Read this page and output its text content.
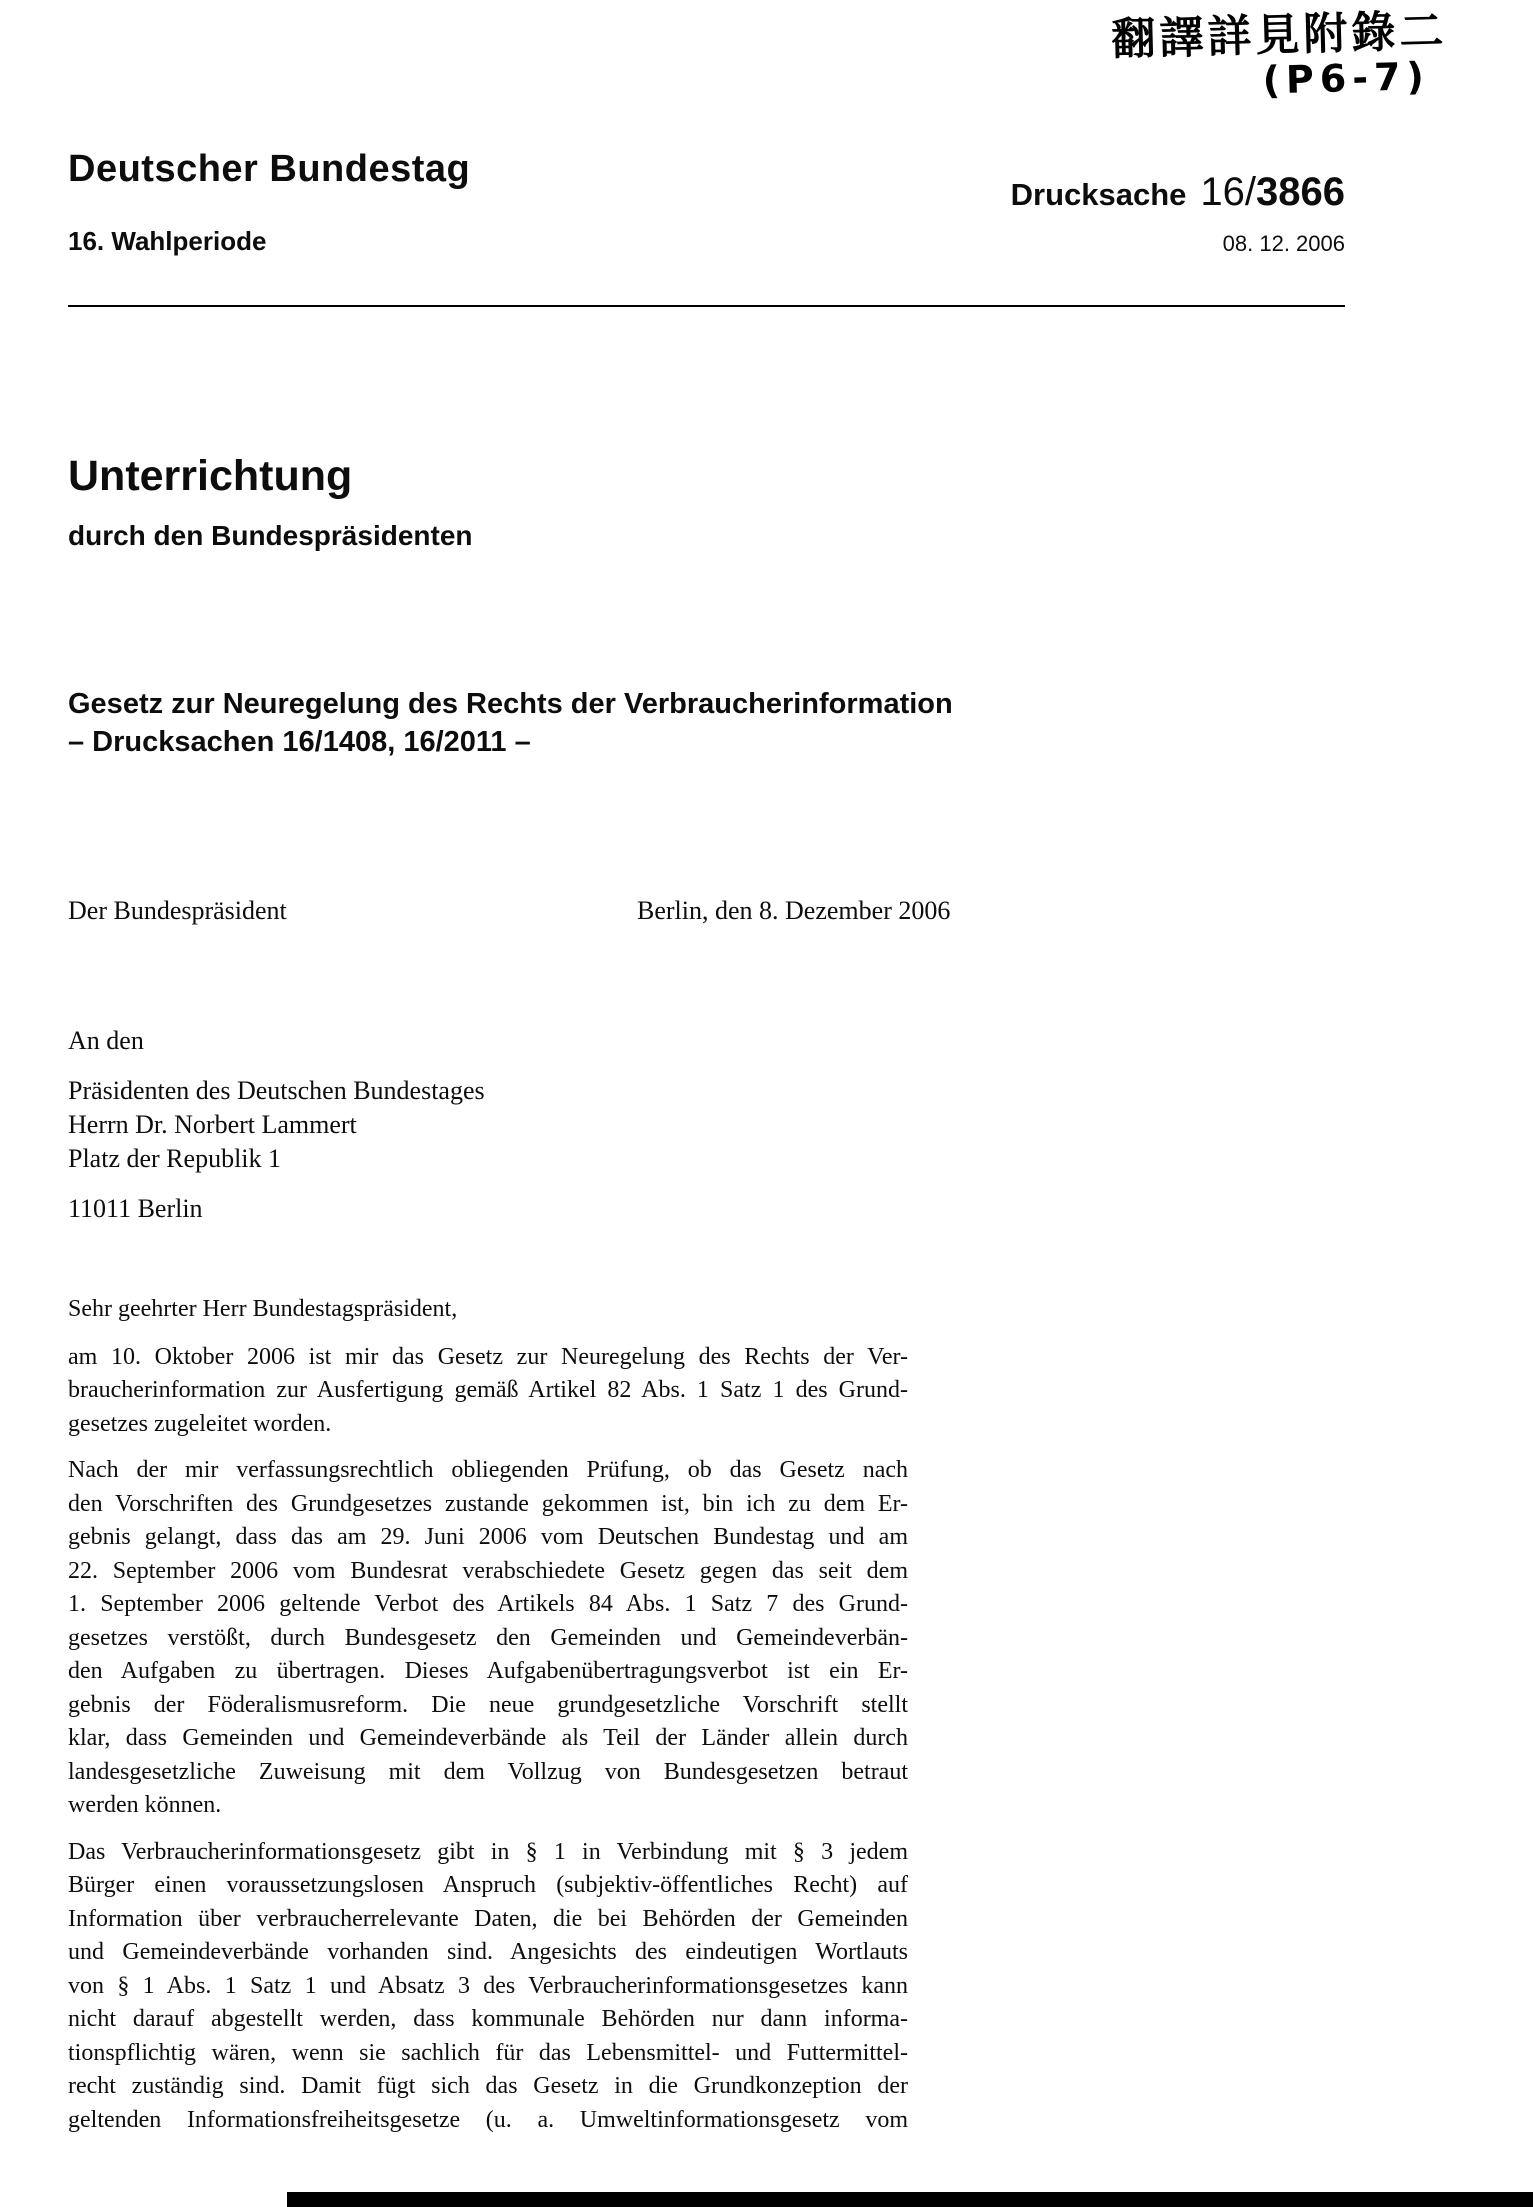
翻譯詳見附錄二
(P6-7)
Deutscher Bundestag
16. Wahlperiode
Drucksache 16/3866
08. 12. 2006
Unterrichtung
durch den Bundespräsidenten
Gesetz zur Neuregelung des Rechts der Verbraucherinformation
– Drucksachen 16/1408, 16/2011 –
Der Bundespräsident	Berlin, den 8. Dezember 2006
An den
Präsidenten des Deutschen Bundestages
Herrn Dr. Norbert Lammert
Platz der Republik 1
11011 Berlin
Sehr geehrter Herr Bundestagspräsident,
am 10. Oktober 2006 ist mir das Gesetz zur Neuregelung des Rechts der Ver-
braucherinformation zur Ausfertigung gemäß Artikel 82 Abs. 1 Satz 1 des Grund-
gesetzes zugeleitet worden.
Nach der mir verfassungsrechtlich obliegenden Prüfung, ob das Gesetz nach
den Vorschriften des Grundgesetzes zustande gekommen ist, bin ich zu dem Er-
gebnis gelangt, dass das am 29. Juni 2006 vom Deutschen Bundestag und am
22. September 2006 vom Bundesrat verabschiedete Gesetz gegen das seit dem
1. September 2006 geltende Verbot des Artikels 84 Abs. 1 Satz 7 des Grund-
gesetzes verstößt, durch Bundesgesetz den Gemeinden und Gemeindeverbän-
den Aufgaben zu übertragen. Dieses Aufgabenübertragungsverbot ist ein Er-
gebnis der Föderalismusreform. Die neue grundgesetzliche Vorschrift stellt
klar, dass Gemeinden und Gemeindeverbände als Teil der Länder allein durch
landesgesetzliche Zuweisung mit dem Vollzug von Bundesgesetzen betraut
werden können.
Das Verbraucherinformationsgesetz gibt in § 1 in Verbindung mit § 3 jedem
Bürger einen voraussetzungslosen Anspruch (subjektiv-öffentliches Recht) auf
Information über verbraucherrelevante Daten, die bei Behörden der Gemeinden
und Gemeindeverbände vorhanden sind. Angesichts des eindeutigen Wortlauts
von § 1 Abs. 1 Satz 1 und Absatz 3 des Verbraucherinformationsgesetzes kann
nicht darauf abgestellt werden, dass kommunale Behörden nur dann informa-
tionspflichtig wären, wenn sie sachlich für das Lebensmittel- und Futtermittel-
recht zuständig sind. Damit fügt sich das Gesetz in die Grundkonzeption der
geltenden Informationsfreiheitsgesetze (u. a. Umweltinformationsgesetz vom
